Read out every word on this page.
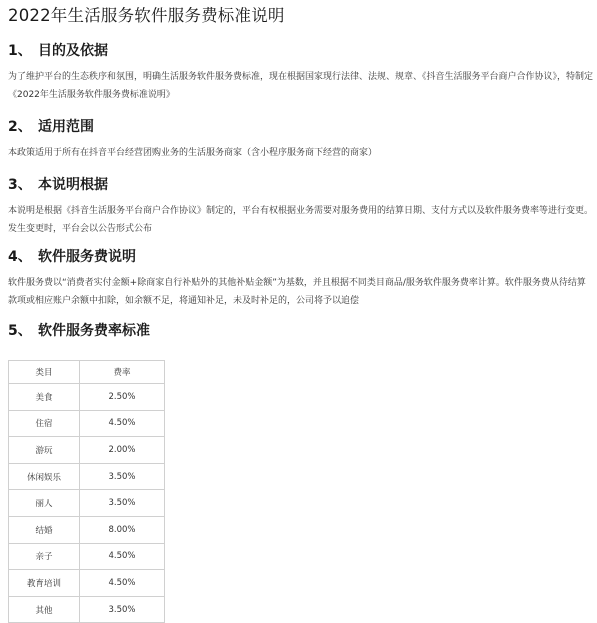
2022年生活服务软件服务费标准说明
1、 目的及依据
为了维护平台的生态秩序和氛围，明确生活服务软件服务费标准，现在根据国家现行法律、法规、规章、《抖音生活服务平台商户合作协议》，特制定《2022年生活服务软件服务费标准说明》
2、 适用范围
本政策适用于所有在抖音平台经营团购业务的生活服务商家（含小程序服务商下经营的商家）
3、 本说明根据
本说明是根据《抖音生活服务平台商户合作协议》制定的，平台有权根据业务需要对服务费用的结算日期、支付方式以及软件服务费率等进行变更。发生变更时，平台会以公告形式公布
4、 软件服务费说明
软件服务费以“消费者实付金额+除商家自行补贴外的其他补贴金额”为基数，并且根据不同类目商品/服务软件服务费率计算。软件服务费从待结算款项或相应账户余额中扣除，如余额不足，将通知补足，未及时补足的，公司将予以追偿
5、 软件服务费率标准
类目	费率
美食	2.50%
住宿	4.50%
游玩	2.00%
休闲娱乐	3.50%
丽人	3.50%
结婚	8.00%
亲子	4.50%
教育培训	4.50%
其他	3.50%
